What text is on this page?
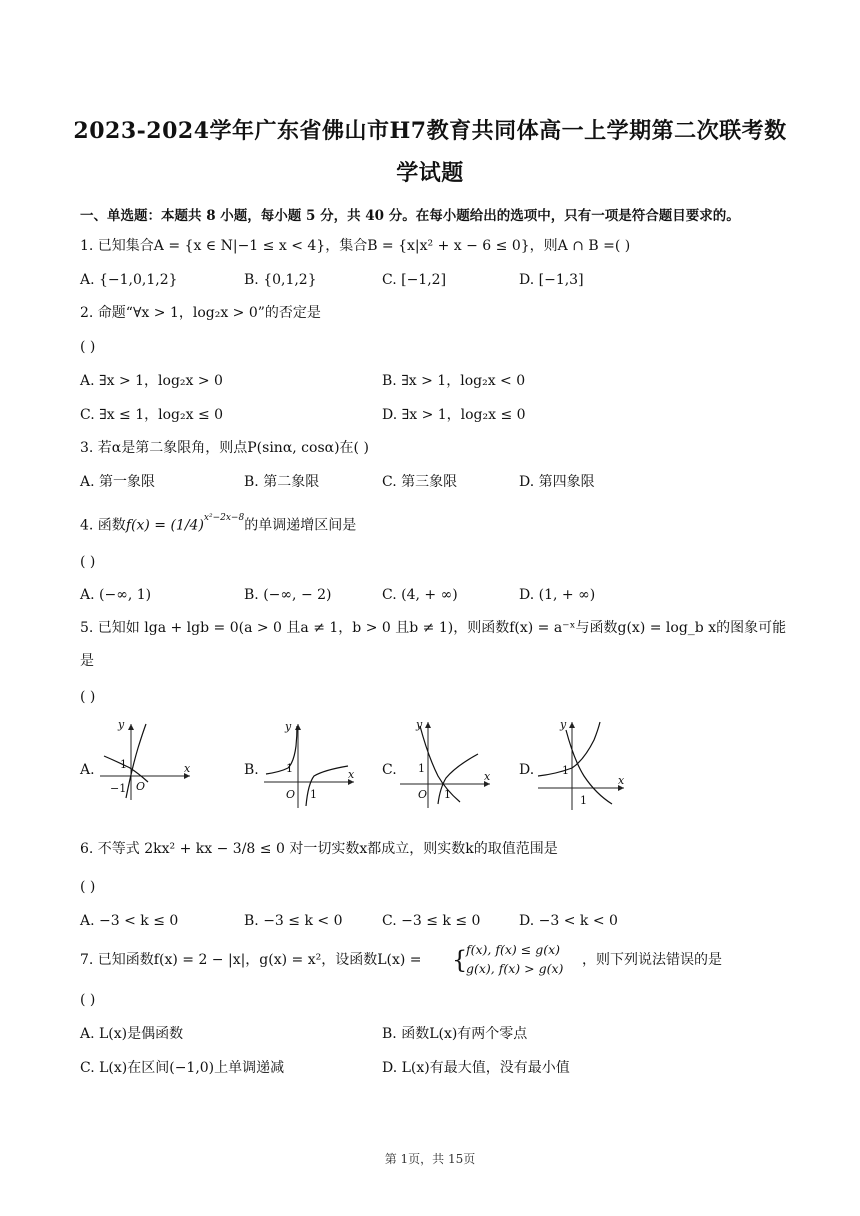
2023-2024学年广东省佛山市H7教育共同体高一上学期第二次联考数
学试题
一、单选题：本题共 8 小题，每小题 5 分，共 40 分。在每小题给出的选项中，只有一项是符合题目要求的。
1. 已知集合A = {x ∈ N|−1 ≤ x < 4}，集合B = {x|x² + x − 6 ≤ 0}，则A ∩ B =( )
A. {−1,0,1,2}	B. {0,1,2}	C. [−1,2]	D. [−1,3]
2. 命题“∀x > 1，log₂x > 0”的否定是
( )
A. ∃x > 1，log₂x > 0	B. ∃x > 1，log₂x < 0
C. ∃x ≤ 1，log₂x ≤ 0	D. ∃x > 1，log₂x ≤ 0
3. 若α是第二象限角，则点P(sinα, cosα)在( )
A. 第一象限	B. 第二象限	C. 第三象限	D. 第四象限
4. 函数$f(x) = (1/4)^{x^2-2x-8}$的单调递增区间是
( )
A. (−∞, 1)	B. (−∞, − 2)	C. (4, + ∞)	D. (1, + ∞)
5. 已知如 lga + lgb = 0(a > 0 且a ≠ 1，b > 0 且b ≠ 1)，则函数f(x) = a⁻ˣ与函数g(x) = log_b x的图象可能
是
( )
A.	B.	C.	D.
y
x
1
−1 O
y
x
1
O 1
y
x
1
O 1
y
x
1
1
6. 不等式 2kx² + kx − 3/8 ≤ 0 对一切实数x都成立，则实数k的取值范围是
( )
A. −3 < k ≤ 0	B. −3 ≤ k < 0	C. −3 ≤ k ≤ 0	D. −3 < k < 0
7. 已知函数f(x) = 2 − |x|，g(x) = x²，设函数L(x) = {
f(x), f(x) ≤ g(x)
g(x), f(x) > g(x)
，则下列说法错误的是
( )
A. L(x)是偶函数	B. 函数L(x)有两个零点
C. L(x)在区间(−1,0)上单调递减	D. L(x)有最大值，没有最小值
第 1页，共 15页
